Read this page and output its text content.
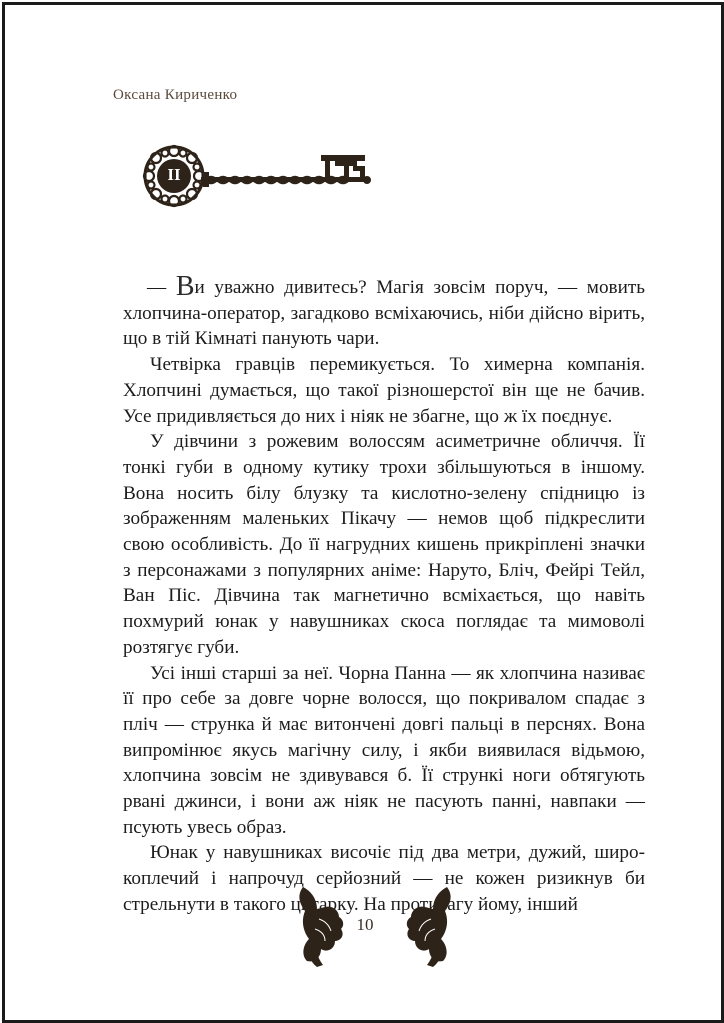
Оксана Кириченко
II

— Ви уважно дивитесь? Магія зовсім поруч, — мовить хлопчина-оператор, загадково всміхаючись, ніби дійсно вірить, що в тій Кімнаті панують чари.

Четвірка гравців перемикується. То химерна компанія. Хлопчині думається, що такої різношерстої він ще не бачив. Усе придивляється до них і ніяк не збагне, що ж їх поєднує.

У дівчини з рожевим волоссям асиметричне обличчя. Її тонкі губи в одному кутику трохи збільшуються в іншому. Вона носить білу блузку та кислотно-зелену спідницю із зображенням маленьких Пікачу — немов щоб підкреслити свою особливість. До її нагрудних кишень прикріплені значки з персонажами з популярних аніме: Наруто, Бліч, Фейрі Тейл, Ван Піс. Дівчина так магнетично всміхається, що навіть похмурий юнак у навушниках скоса поглядає та мимоволі розтягує губи.

Усі інші старші за неї. Чорна Панна — як хлопчина називає її про себе за довге чорне волосся, що покривалом спадає з пліч — струнка й має витончені довгі пальці в перснях. Вона випромінює якусь магічну силу, і якби виявилася відьмою, хлопчина зовсім не здивувався б. Її стрункі ноги обтягують рвані джинси, і вони аж ніяк не пасують панні, навпаки — псують увесь образ.

Юнак у навушниках височіє під два метри, дужий, широкоплечий і напрочуд серйозний — не кожен ризикнув би стрельнути в такого цигарку. На противагу йому, інший

10
